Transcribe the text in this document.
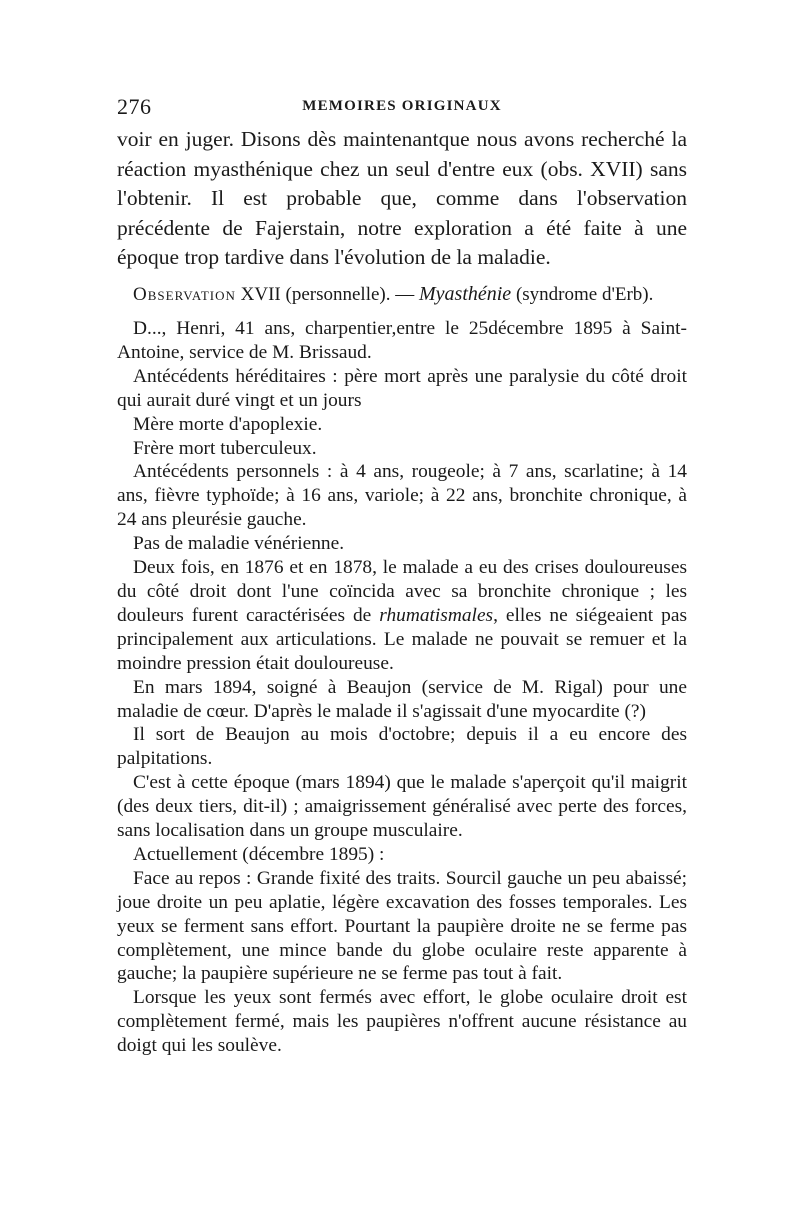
276	MEMOIRES ORIGINAUX

voir en juger. Disons dès maintenantque nous avons recherché la réaction myasthénique chez un seul d'entre eux (obs. XVII) sans l'obtenir. Il est probable que, comme dans l'observation précédente de Fajerstain, notre exploration a été faite à une époque trop tardive dans l'évolution de la maladie.

Observation XVII (personnelle). — Myasthénie (syndrome d'Erb).

D..., Henri, 41 ans, charpentier,entre le 25décembre 1895 à Saint-Antoine, service de M. Brissaud.

Antécédents héréditaires : père mort après une paralysie du côté droit qui aurait duré vingt et un jours

Mère morte d'apoplexie.

Frère mort tuberculeux.

Antécédents personnels : à 4 ans, rougeole; à 7 ans, scarlatine; à 14 ans, fièvre typhoïde; à 16 ans, variole; à 22 ans, bronchite chronique, à 24 ans pleurésie gauche.

Pas de maladie vénérienne.

Deux fois, en 1876 et en 1878, le malade a eu des crises douloureuses du côté droit dont l'une coïncida avec sa bronchite chronique ; les douleurs furent caractérisées de rhumatismales, elles ne siégeaient pas principalement aux articulations. Le malade ne pouvait se remuer et la moindre pression était douloureuse.

En mars 1894, soigné à Beaujon (service de M. Rigal) pour une maladie de cœur. D'après le malade il s'agissait d'une myocardite (?)

Il sort de Beaujon au mois d'octobre; depuis il a eu encore des palpitations.

C'est à cette époque (mars 1894) que le malade s'aperçoit qu'il maigrit (des deux tiers, dit-il) ; amaigrissement généralisé avec perte des forces, sans localisation dans un groupe musculaire.

Actuellement (décembre 1895) :

Face au repos : Grande fixité des traits. Sourcil gauche un peu abaissé; joue droite un peu aplatie, légère excavation des fosses temporales. Les yeux se ferment sans effort. Pourtant la paupière droite ne se ferme pas complètement, une mince bande du globe oculaire reste apparente à gauche; la paupière supérieure ne se ferme pas tout à fait.

Lorsque les yeux sont fermés avec effort, le globe oculaire droit est complètement fermé, mais les paupières n'offrent aucune résistance au doigt qui les soulève.
